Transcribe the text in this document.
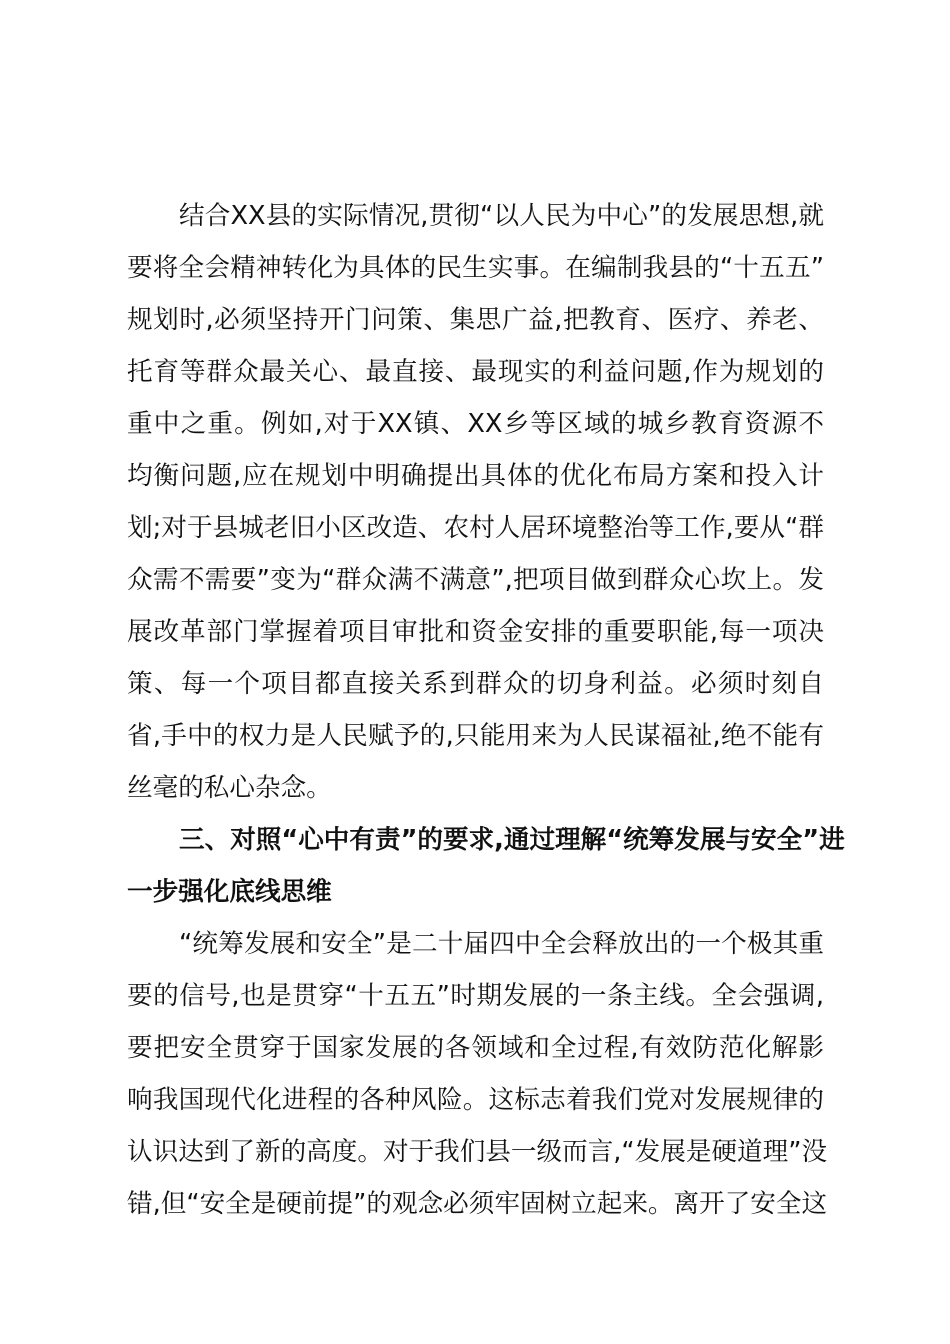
结合XX县的实际情况,贯彻“以人民为中心”的发展思想,就
要将全会精神转化为具体的民生实事。在编制我县的“十五五”
规划时,必须坚持开门问策、集思广益,把教育、医疗、养老、
托育等群众最关心、最直接、最现实的利益问题,作为规划的
重中之重。例如,对于XX镇、XX乡等区域的城乡教育资源不
均衡问题,应在规划中明确提出具体的优化布局方案和投入计
划;对于县城老旧小区改造、农村人居环境整治等工作,要从“群
众需不需要”变为“群众满不满意”,把项目做到群众心坎上。发
展改革部门掌握着项目审批和资金安排的重要职能,每一项决
策、每一个项目都直接关系到群众的切身利益。必须时刻自
省,手中的权力是人民赋予的,只能用来为人民谋福祉,绝不能有
丝毫的私心杂念。
三、对照“心中有责”的要求,通过理解“统筹发展与安全”进
一步强化底线思维
“统筹发展和安全”是二十届四中全会释放出的一个极其重
要的信号,也是贯穿“十五五”时期发展的一条主线。全会强调,
要把安全贯穿于国家发展的各领域和全过程,有效防范化解影
响我国现代化进程的各种风险。这标志着我们党对发展规律的
认识达到了新的高度。对于我们县一级而言,“发展是硬道理”没
错,但“安全是硬前提”的观念必须牢固树立起来。离开了安全这
